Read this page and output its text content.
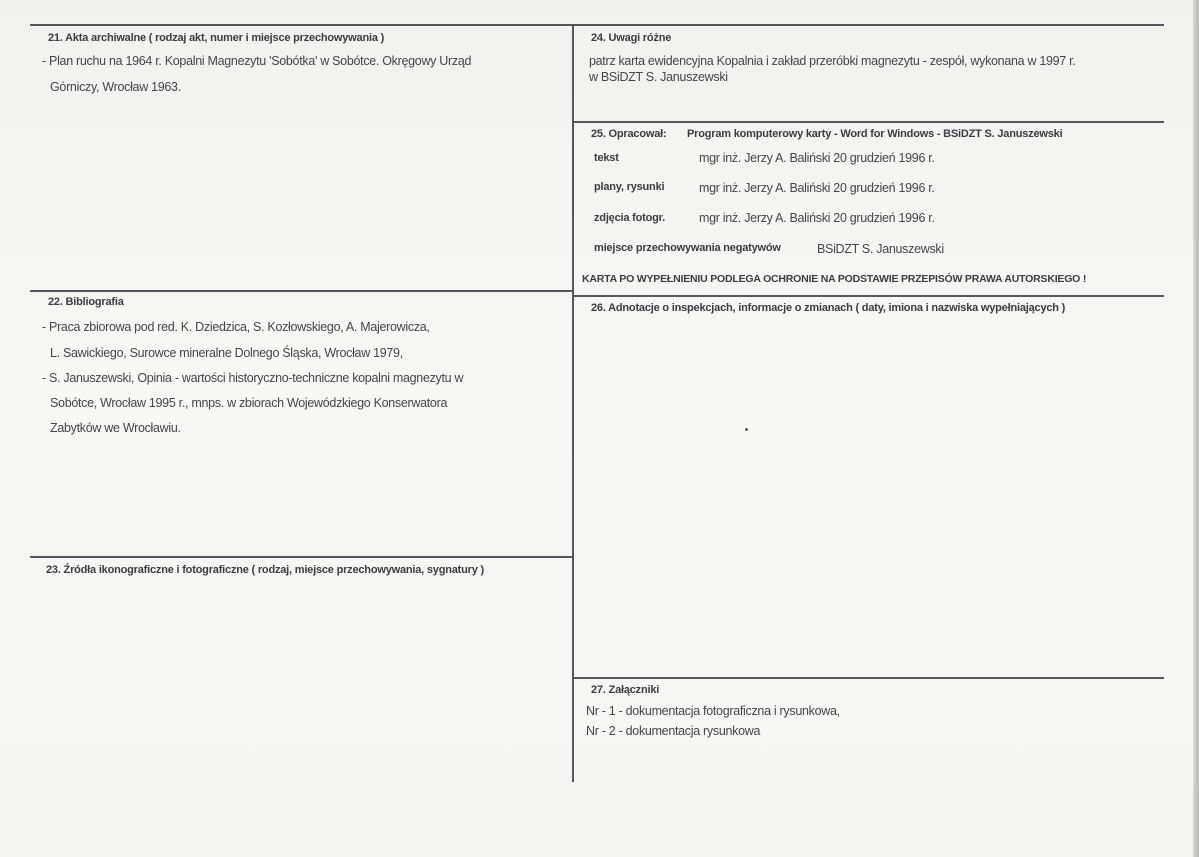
21. Akta archiwalne ( rodzaj akt, numer i miejsce przechowywania )
- Plan ruchu na 1964 r. Kopalni Magnezytu 'Sobótka' w Sobótce. Okręgowy Urząd
Górniczy, Wrocław 1963.
22. Bibliografia
- Praca zbiorowa pod red. K. Dziedzica, S. Kozłowskiego, A. Majerowicza,
L. Sawickiego, Surowce mineralne Dolnego Śląska, Wrocław 1979,
- S. Januszewski, Opinia - wartości historyczno-techniczne kopalni magnezytu w
Sobótce, Wrocław 1995 r., mnps. w zbiorach Wojewódzkiego Konserwatora
Zabytków we Wrocławiu.
23. Źródła ikonograficzne i fotograficzne ( rodzaj, miejsce przechowywania, sygnatury )
24. Uwagi różne
patrz karta ewidencyjna Kopalnia i zakład przeróbki magnezytu - zespół, wykonana w 1997 r.
w BSiDZT S. Januszewski
25. Opracował: Program komputerowy karty - Word for Windows - BSiDZT S. Januszewski
tekst	mgr inż. Jerzy A. Baliński 20 grudzień 1996 r.
plany, rysunki	mgr inż. Jerzy A. Baliński 20 grudzień 1996 r.
zdjęcia fotogr.	mgr inż. Jerzy A. Baliński 20 grudzień 1996 r.
miejsce przechowywania negatywów	BSiDZT S. Januszewski
KARTA PO WYPEŁNIENIU PODLEGA OCHRONIE NA PODSTAWIE PRZEPISÓW PRAWA AUTORSKIEGO !
26. Adnotacje o inspekcjach, informacje o zmianach ( daty, imiona i nazwiska wypełniających )
27. Załączniki
Nr - 1 - dokumentacja fotograficzna i rysunkowa,
Nr - 2 - dokumentacja rysunkowa
